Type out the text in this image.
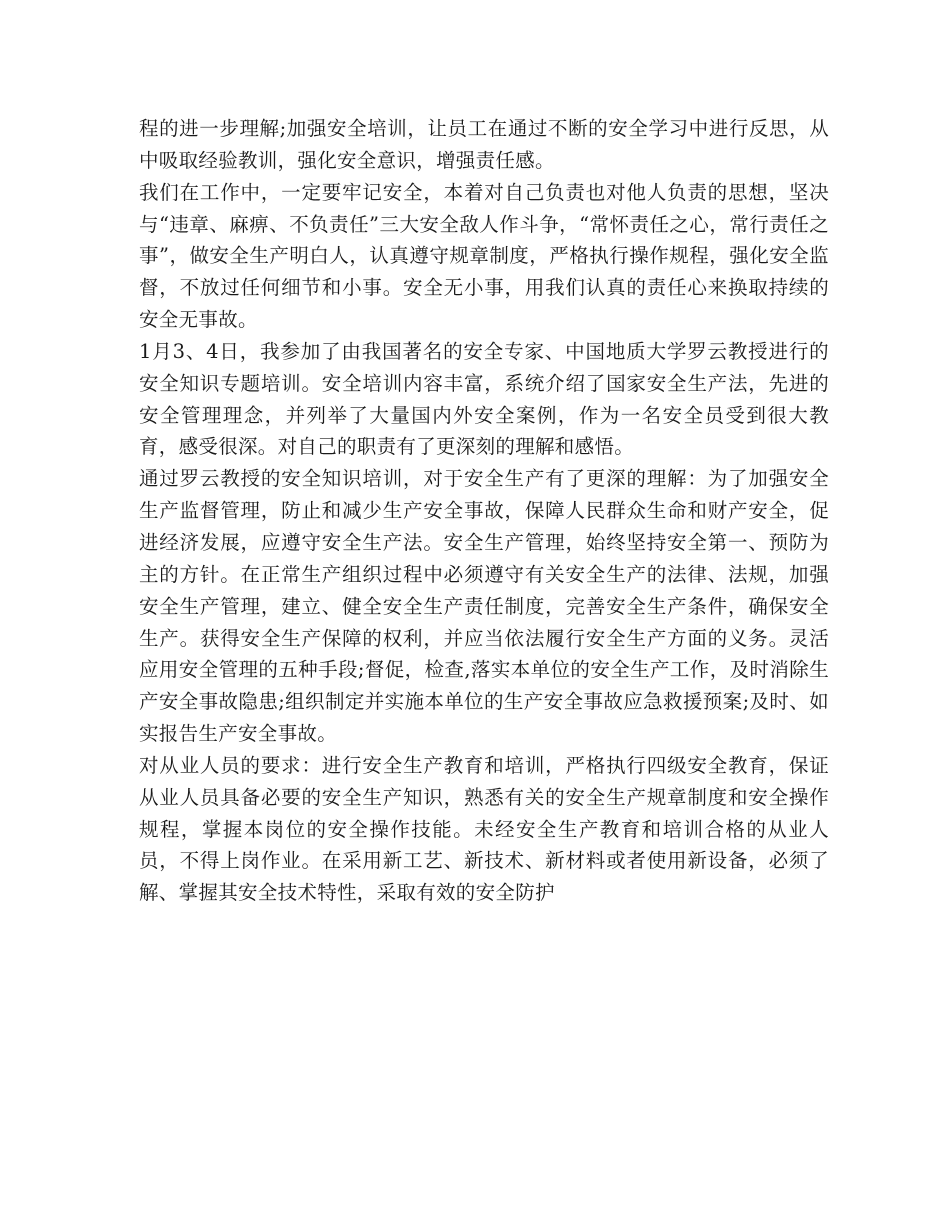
程的进一步理解;加强安全培训，让员工在通过不断的安全学习中进行反思，从中吸取经验教训，强化安全意识，增强责任感。

我们在工作中，一定要牢记安全，本着对自己负责也对他人负责的思想，坚决与“违章、麻痹、不负责任”三大安全敌人作斗争，“常怀责任之心，常行责任之事”，做安全生产明白人，认真遵守规章制度，严格执行操作规程，强化安全监督，不放过任何细节和小事。安全无小事，用我们认真的责任心来换取持续的安全无事故。

1月3、4日，我参加了由我国著名的安全专家、中国地质大学罗云教授进行的安全知识专题培训。安全培训内容丰富，系统介绍了国家安全生产法，先进的安全管理理念，并列举了大量国内外安全案例，作为一名安全员受到很大教育，感受很深。对自己的职责有了更深刻的理解和感悟。

通过罗云教授的安全知识培训，对于安全生产有了更深的理解：为了加强安全生产监督管理，防止和减少生产安全事故，保障人民群众生命和财产安全，促进经济发展，应遵守安全生产法。安全生产管理，始终坚持安全第一、预防为主的方针。在正常生产组织过程中必须遵守有关安全生产的法律、法规，加强安全生产管理，建立、健全安全生产责任制度，完善安全生产条件，确保安全生产。获得安全生产保障的权利，并应当依法履行安全生产方面的义务。灵活应用安全管理的五种手段;督促，检查,落实本单位的安全生产工作，及时消除生产安全事故隐患;组织制定并实施本单位的生产安全事故应急救援预案;及时、如实报告生产安全事故。

对从业人员的要求：进行安全生产教育和培训，严格执行四级安全教育，保证从业人员具备必要的安全生产知识，熟悉有关的安全生产规章制度和安全操作规程，掌握本岗位的安全操作技能。未经安全生产教育和培训合格的从业人员，不得上岗作业。在采用新工艺、新技术、新材料或者使用新设备，必须了解、掌握其安全技术特性，采取有效的安全防护
